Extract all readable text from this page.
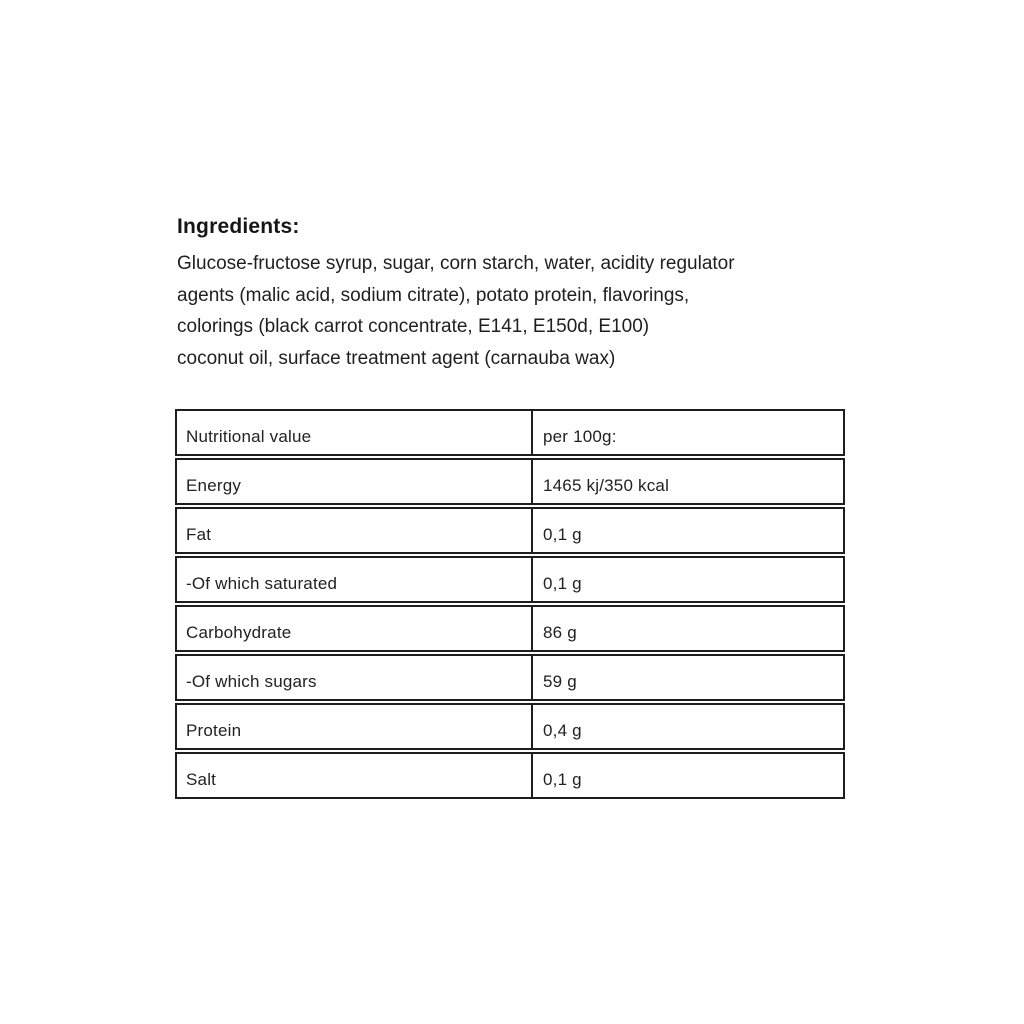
Ingredients:
Glucose-fructose syrup, sugar, corn starch, water, acidity regulator
agents (malic acid, sodium citrate), potato protein, flavorings,
colorings (black carrot concentrate, E141, E150d, E100)
coconut oil, surface treatment agent (carnauba wax)
Nutritional value	per 100g:
Energy	1465 kj/350 kcal
Fat	0,1 g
-Of which saturated	0,1 g
Carbohydrate	86 g
-Of which sugars	59 g
Protein	0,4 g
Salt	0,1 g
